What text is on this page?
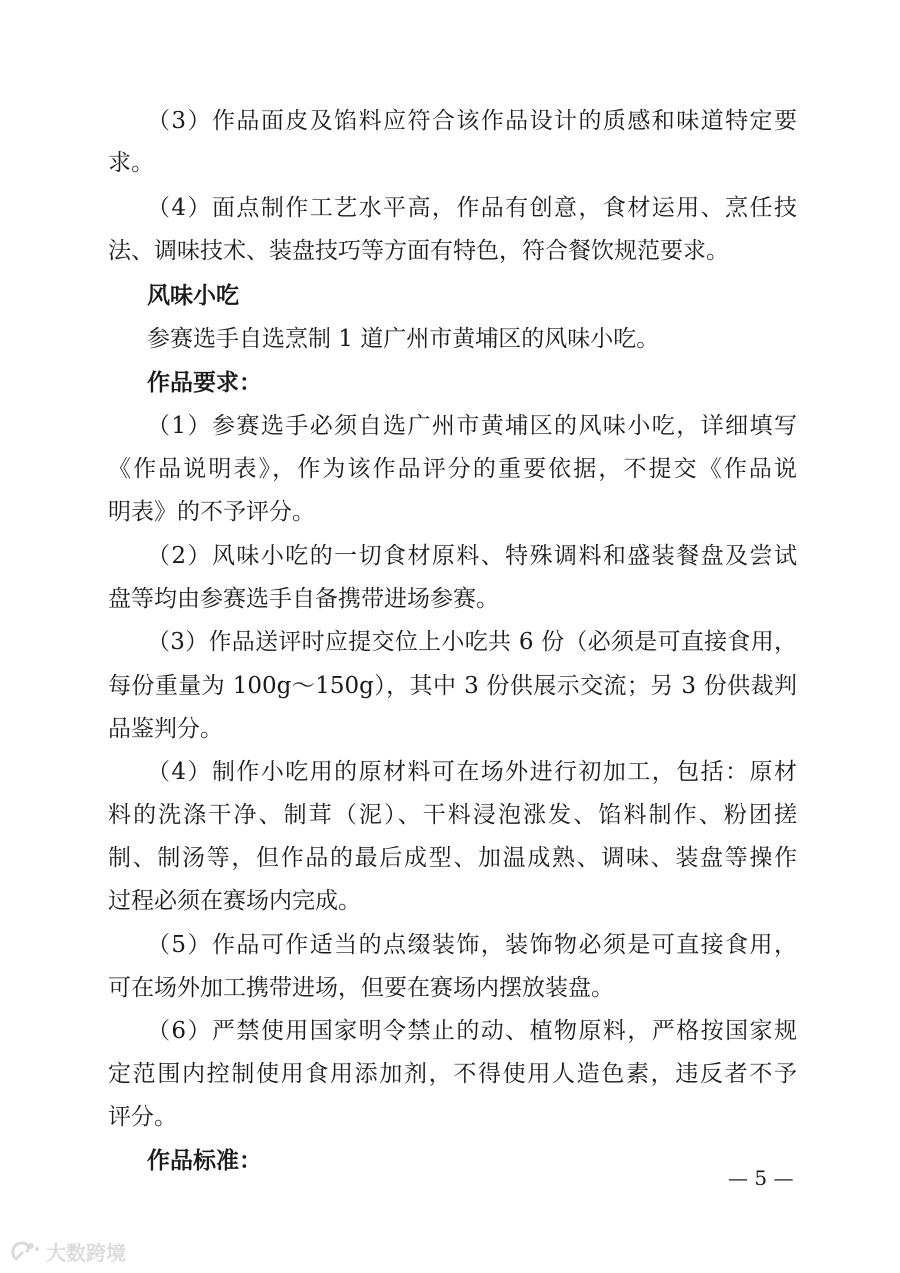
（3）作品面皮及馅料应符合该作品设计的质感和味道特定要
求。
（4）面点制作工艺水平高，作品有创意，食材运用、烹任技
法、调味技术、装盘技巧等方面有特色，符合餐饮规范要求。
风味小吃
参赛选手自选烹制 1 道广州市黄埔区的风味小吃。
作品要求：
（1）参赛选手必须自选广州市黄埔区的风味小吃，详细填写
《作品说明表》，作为该作品评分的重要依据，不提交《作品说
明表》的不予评分。
（2）风味小吃的一切食材原料、特殊调料和盛装餐盘及尝试
盘等均由参赛选手自备携带进场参赛。
（3）作品送评时应提交位上小吃共 6 份（必须是可直接食用，
每份重量为 100g～150g），其中 3 份供展示交流；另 3 份供裁判
品鉴判分。
（4）制作小吃用的原材料可在场外进行初加工，包括：原材
料的洗涤干净、制茸（泥）、干料浸泡涨发、馅料制作、粉团搓
制、制汤等，但作品的最后成型、加温成熟、调味、装盘等操作
过程必须在赛场内完成。
（5）作品可作适当的点缀装饰，装饰物必须是可直接食用，
可在场外加工携带进场，但要在赛场内摆放装盘。
（6）严禁使用国家明令禁止的动、植物原料，严格按国家规
定范围内控制使用食用添加剂，不得使用人造色素，违反者不予
评分。
作品标准：
— 5 —
大数跨境
